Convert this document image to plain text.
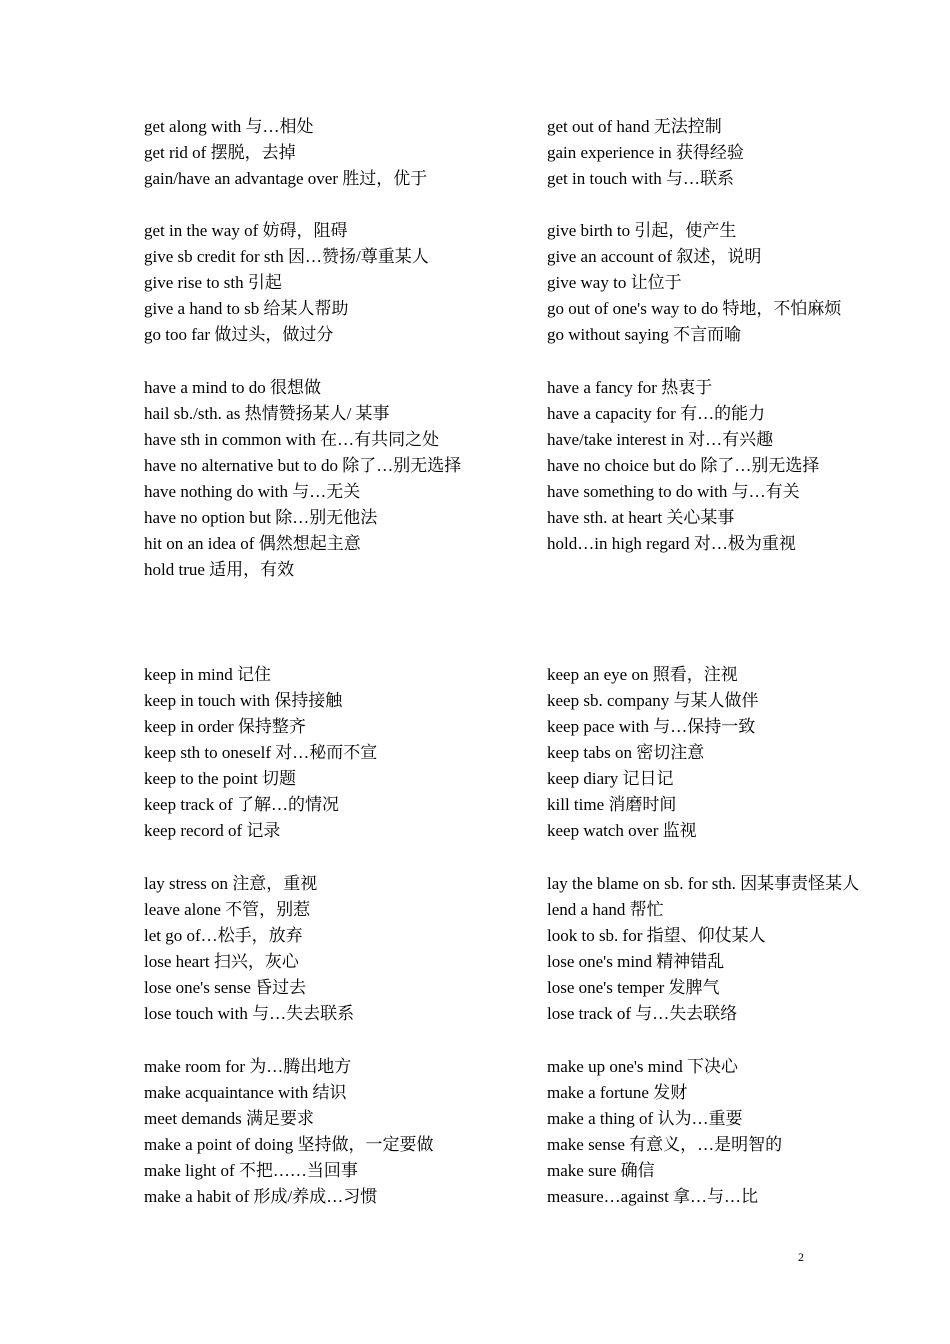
get along with 与…相处
get rid of 摆脱，去掉
gain/have an advantage over 胜过，优于
get out of hand 无法控制
gain experience in 获得经验
get in touch with 与…联系
get in the way of 妨碍，阻碍
give sb credit for sth 因…赞扬/尊重某人
give rise to sth 引起
give a hand to sb 给某人帮助
go too far 做过头，做过分
give birth to 引起，使产生
give an account of 叙述，说明
give way to 让位于
go out of one's way to do 特地，不怕麻烦
go without saying 不言而喻
have a mind to do 很想做
hail sb./sth. as 热情赞扬某人/ 某事
have sth in common with 在…有共同之处
have no alternative but to do 除了…别无选择
have nothing do with 与…无关
have no option but 除…别无他法
hit on an idea of 偶然想起主意
hold true 适用，有效
have a fancy for 热衷于
have a capacity for 有…的能力
have/take interest in 对…有兴趣
have no choice but do 除了…别无选择
have something to do with 与…有关
have sth. at heart 关心某事
hold…in high regard 对…极为重视
keep in mind 记住
keep in touch with 保持接触
keep in order 保持整齐
keep sth to oneself 对…秘而不宣
keep to the point 切题
keep track of 了解…的情况
keep record of 记录
keep an eye on 照看，注视
keep sb. company 与某人做伴
keep pace with 与…保持一致
keep tabs on 密切注意
keep diary 记日记
kill time 消磨时间
keep watch over 监视
lay stress on 注意，重视
leave alone 不管，别惹
let go of…松手，放弃
lose heart 扫兴，灰心
lose one's sense 昏过去
lose touch with 与…失去联系
lay the blame on sb. for sth. 因某事责怪某人
lend a hand 帮忙
look to sb. for 指望、仰仗某人
lose one's mind 精神错乱
lose one's temper 发脾气
lose track of 与…失去联络
make room for 为…腾出地方
make acquaintance with 结识
meet demands 满足要求
make a point of doing 坚持做，一定要做
make light of 不把……当回事
make a habit of 形成/养成…习惯
make up one's mind 下决心
make a fortune 发财
make a thing of 认为…重要
make sense 有意义，…是明智的
make sure 确信
measure…against 拿…与…比
2
